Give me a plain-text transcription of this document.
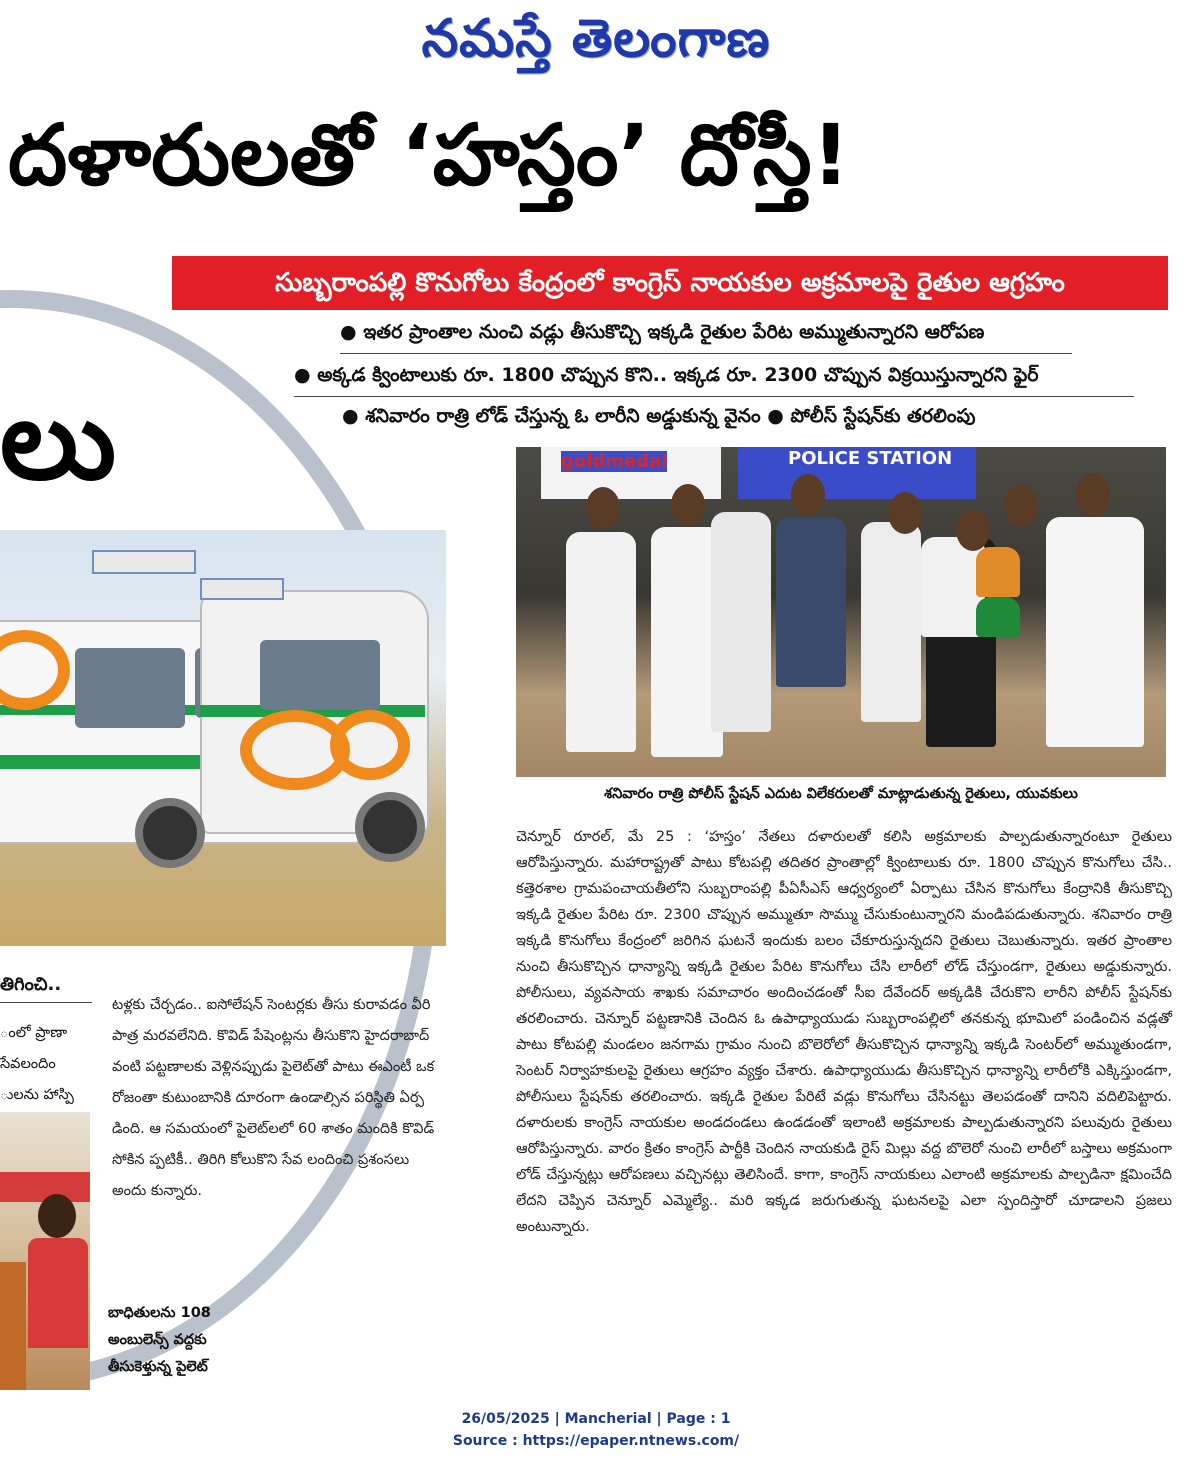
నమస్తే తెలంగాణ
దళారులతో ‘హస్తం’ దోస్తీ!
సుబ్బరాంపల్లి కొనుగోలు కేంద్రంలో కాంగ్రెస్ నాయకుల అక్రమాలపై రైతుల ఆగ్రహం
● ఇతర ప్రాంతాల నుంచి వడ్లు తీసుకొచ్చి ఇక్కడి రైతుల పేరిట అమ్ముతున్నారని ఆరోపణ
● అక్కడ క్వింటాలుకు రూ. 1800 చొప్పున కొని.. ఇక్కడ రూ. 2300 చొప్పున విక్రయిస్తున్నారని ఫైర్
● శనివారం రాత్రి లోడ్ చేస్తున్న ఓ లారీని అడ్డుకున్న వైనం ● పోలీస్ స్టేషన్‌కు తరలింపు
లు	goldmedal	POLICE STATION
శనివారం రాత్రి పోలీస్ స్టేషన్ ఎదుట విలేకరులతో మాట్లాడుతున్న రైతులు, యువకులు
చెన్నూర్ రూరల్, మే 25 : ‘హస్తం’ నేతలు దళారులతో కలిసి అక్రమాలకు పాల్పడుతున్నారంటూ రైతులు ఆరోపిస్తున్నారు. మహారాష్ట్రతో పాటు కోటపల్లి తదితర ప్రాంతాల్లో క్వింటాలుకు రూ. 1800 చొప్పున కొనుగోలు చేసి.. కత్తెరశాల గ్రామపంచాయతీలోని సుబ్బరాంపల్లి పీఏసీఎస్ ఆధ్వర్యంలో ఏర్పాటు చేసిన కొనుగోలు కేంద్రానికి తీసుకొచ్చి ఇక్కడి రైతుల పేరిట రూ. 2300 చొప్పున అమ్ముతూ సొమ్ము చేసుకుంటున్నారని మండిపడుతున్నారు. శనివారం రాత్రి ఇక్కడి కొనుగోలు కేంద్రంలో జరిగిన ఘటనే ఇందుకు బలం చేకూరుస్తున్నదని రైతులు చెబుతున్నారు. ఇతర ప్రాంతాల నుంచి తీసుకొచ్చిన ధాన్యాన్ని ఇక్కడి రైతుల పేరిట కొనుగోలు చేసి లారీలో లోడ్ చేస్తుండగా, రైతులు అడ్డుకున్నారు. పోలీసులు, వ్యవసాయ శాఖకు సమాచారం అందించడంతో సీఐ దేవేందర్ అక్కడికి చేరుకొని లారీని పోలీస్ స్టేషన్‌కు తరలించారు. చెన్నూర్ పట్టణానికి చెందిన ఓ ఉపాధ్యాయుడు సుబ్బరాంపల్లిలో తనకున్న భూమిలో పండించిన వడ్లతో పాటు కోటపల్లి మండలం జనగామ గ్రామం నుంచి బొలెరోలో తీసుకొచ్చిన ధాన్యాన్ని ఇక్కడి సెంటర్‌లో అమ్ముతుండగా, సెంటర్ నిర్వాహకులపై రైతులు ఆగ్రహం వ్యక్తం చేశారు. ఉపాధ్యాయుడు తీసుకొచ్చిన ధాన్యాన్ని లారీలోకి ఎక్కిస్తుండగా, పోలీసులు స్టేషన్‌కు తరలించారు. ఇక్కడి రైతుల పేరిటే వడ్లు కొనుగోలు చేసినట్టు తెలపడంతో దానిని వదిలిపెట్టారు. దళారులకు కాంగ్రెస్ నాయకుల అండదండలు ఉండడంతో ఇలాంటి అక్రమాలకు పాల్పడుతున్నారని పలువురు రైతులు ఆరోపిస్తున్నారు. వారం క్రితం కాంగ్రెస్ పార్టీకి చెందిన నాయకుడి రైస్ మిల్లు వద్ద బొలెరో నుంచి లారీలో బస్తాలు అక్రమంగా లోడ్ చేస్తున్నట్లు ఆరోపణలు వచ్చినట్లు తెలిసిందే. కాగా, కాంగ్రెస్ నాయకులు ఎలాంటి అక్రమాలకు పాల్పడినా క్షమించేది లేదని చెప్పిన చెన్నూర్ ఎమ్మెల్యే.. మరి ఇక్కడ జరుగుతున్న ఘటనలపై ఎలా స్పందిస్తారో చూడాలని ప్రజలు అంటున్నారు.
తిగించి..
ంలో ప్రాణా
సేవలందిం
ులను హాస్పి
టళ్లకు చేర్చడం.. ఐసోలేషన్ సెంటర్లకు తీసు కురావడం వీరి పాత్ర మరవలేనిది. కొవిడ్ పేషెంట్లను తీసుకొని హైదరాబాద్ వంటి పట్టణాలకు వెళ్లినప్పుడు పైలెట్‌తో పాటు ఈఎంటీ ఒక రోజంతా కుటుంబానికి దూరంగా ఉండాల్సిన పరిస్థితి ఏర్ప డింది. ఆ సమయంలో పైలెట్‌లలో 60 శాతం మందికి కొవిడ్ సోకిన ప్పటికీ.. తిరిగి కోలుకొని సేవ లందించి ప్రశంసలు అందు కున్నారు.
బాధితులను 108 అంబులెన్స్ వద్దకు తీసుకెళ్తున్న పైలెట్
26/05/2025 | Mancherial | Page : 1
Source : https://epaper.ntnews.com/
